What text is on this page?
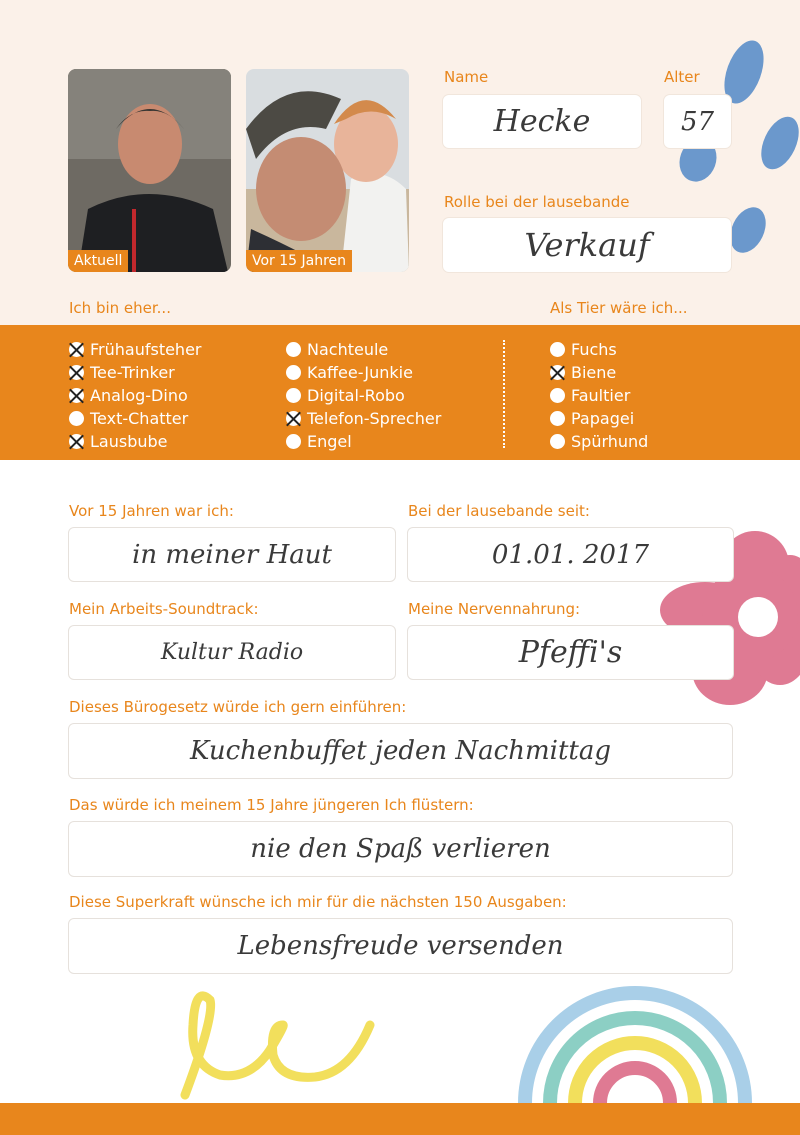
Aktuell	Vor 15 Jahren
Name
Hecke
Alter
57
Rolle bei der lausebande
Verkauf
Ich bin eher...	Als Tier wäre ich...
Frühaufsteher
Tee-Trinker
Analog-Dino
Text-Chatter
Lausbube
Nachteule
Kaffee-Junkie
Digital-Robo
Telefon-Sprecher
Engel
Fuchs
Biene
Faultier
Papagei
Spürhund
Vor 15 Jahren war ich:
in meiner Haut
Bei der lausebande seit:
01.01. 2017
Mein Arbeits-Soundtrack:
Kultur Radio
Meine Nervennahrung:
Pfeffi's
Dieses Bürogesetz würde ich gern einführen:
Kuchenbuffet jeden Nachmittag
Das würde ich meinem 15 Jahre jüngeren Ich flüstern:
nie den Spaß verlieren
Diese Superkraft wünsche ich mir für die nächsten 150 Ausgaben:
Lebensfreude versenden
